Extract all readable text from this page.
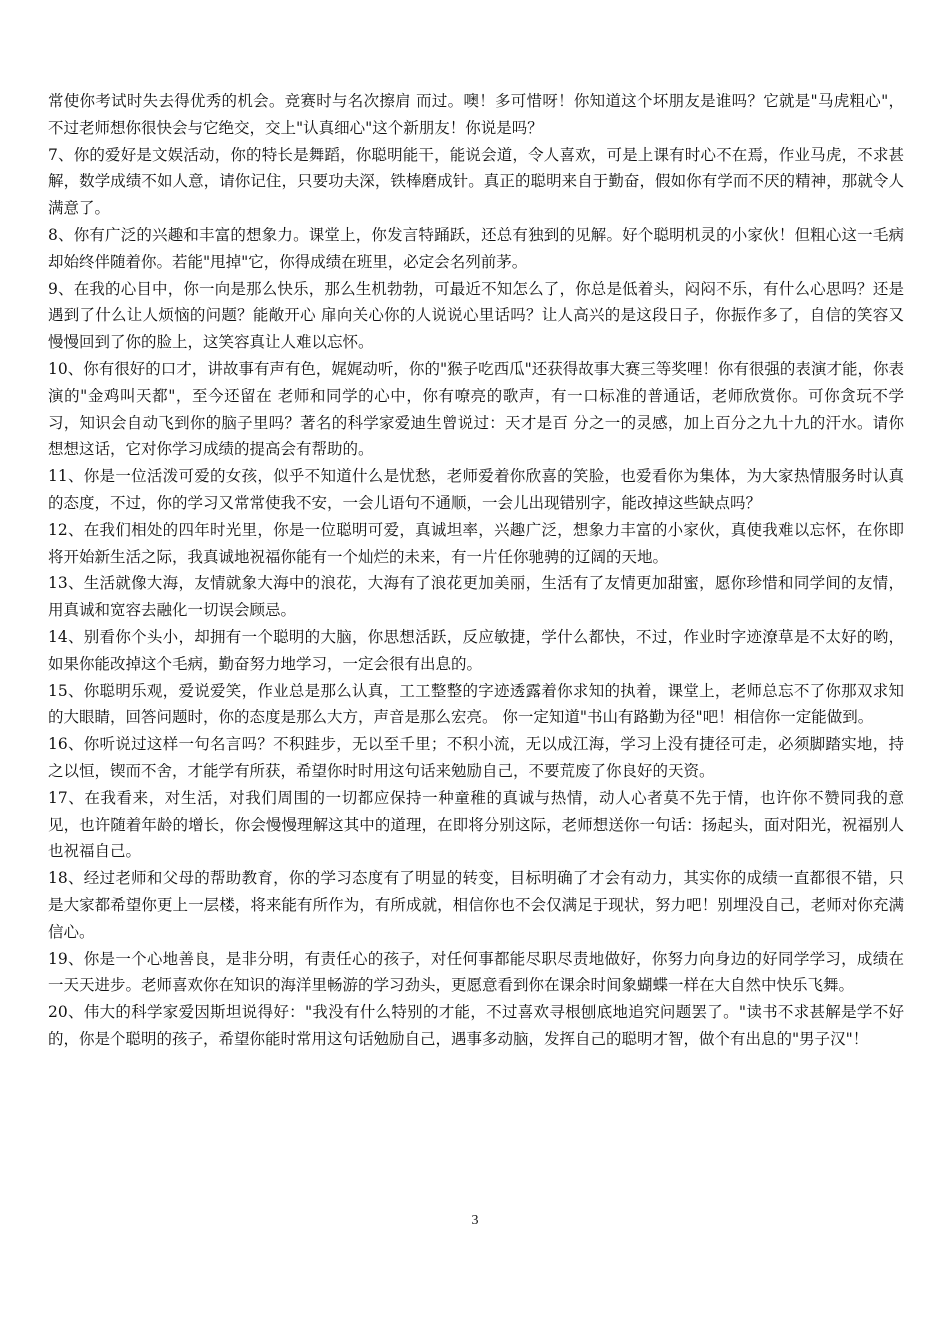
常使你考试时失去得优秀的机会。竞赛时与名次擦肩 而过。噢！多可惜呀！你知道这个坏朋友是谁吗？它就是"马虎粗心"，不过老师想你很快会与它绝交，交上"认真细心"这个新朋友！你说是吗？

7、你的爱好是文娱活动，你的特长是舞蹈，你聪明能干，能说会道，令人喜欢，可是上课有时心不在焉，作业马虎，不求甚解，数学成绩不如人意，请你记住，只要功夫深，铁棒磨成针。真正的聪明来自于勤奋，假如你有学而不厌的精神，那就令人满意了。

8、你有广泛的兴趣和丰富的想象力。课堂上，你发言特踊跃，还总有独到的见解。好个聪明机灵的小家伙！但粗心这一毛病却始终伴随着你。若能"甩掉"它，你得成绩在班里，必定会名列前茅。

9、在我的心目中，你一向是那么快乐，那么生机勃勃，可最近不知怎么了，你总是低着头，闷闷不乐，有什么心思吗？还是遇到了什么让人烦恼的问题？能敞开心 扉向关心你的人说说心里话吗？让人高兴的是这段日子，你振作多了，自信的笑容又慢慢回到了你的脸上，这笑容真让人难以忘怀。

10、你有很好的口才，讲故事有声有色，娓娓动听，你的"猴子吃西瓜"还获得故事大赛三等奖哩！你有很强的表演才能，你表演的"金鸡叫天都"，至今还留在 老师和同学的心中，你有嘹亮的歌声，有一口标准的普通话，老师欣赏你。可你贪玩不学习，知识会自动飞到你的脑子里吗？著名的科学家爱迪生曾说过：天才是百 分之一的灵感，加上百分之九十九的汗水。请你想想这话，它对你学习成绩的提高会有帮助的。

11、你是一位活泼可爱的女孩，似乎不知道什么是忧愁，老师爱着你欣喜的笑脸，也爱看你为集体，为大家热情服务时认真的态度，不过，你的学习又常常使我不安，一会儿语句不通顺，一会儿出现错别字，能改掉这些缺点吗？

12、在我们相处的四年时光里，你是一位聪明可爱，真诚坦率，兴趣广泛，想象力丰富的小家伙，真使我难以忘怀，在你即将开始新生活之际，我真诚地祝福你能有一个灿烂的未来，有一片任你驰骋的辽阔的天地。

13、生活就像大海，友情就象大海中的浪花，大海有了浪花更加美丽，生活有了友情更加甜蜜，愿你珍惜和同学间的友情，用真诚和宽容去融化一切误会顾忌。

14、别看你个头小，却拥有一个聪明的大脑，你思想活跃，反应敏捷，学什么都快，不过，作业时字迹潦草是不太好的哟，如果你能改掉这个毛病，勤奋努力地学习，一定会很有出息的。

15、你聪明乐观，爱说爱笑，作业总是那么认真，工工整整的字迹透露着你求知的执着，课堂上，老师总忘不了你那双求知的大眼睛，回答问题时，你的态度是那么大方，声音是那么宏亮。 你一定知道"书山有路勤为径"吧！相信你一定能做到。

16、你听说过这样一句名言吗？不积跬步，无以至千里；不积小流，无以成江海，学习上没有捷径可走，必须脚踏实地，持之以恒，锲而不舍，才能学有所获，希望你时时用这句话来勉励自己，不要荒废了你良好的天资。

17、在我看来，对生活，对我们周围的一切都应保持一种童稚的真诚与热情，动人心者莫不先于情，也许你不赞同我的意见，也许随着年龄的增长，你会慢慢理解这其中的道理，在即将分别这际，老师想送你一句话：扬起头，面对阳光，祝福别人也祝福自己。

18、经过老师和父母的帮助教育，你的学习态度有了明显的转变，目标明确了才会有动力，其实你的成绩一直都很不错，只是大家都希望你更上一层楼，将来能有所作为，有所成就，相信你也不会仅满足于现状，努力吧！别埋没自己，老师对你充满信心。

19、你是一个心地善良，是非分明，有责任心的孩子，对任何事都能尽职尽责地做好，你努力向身边的好同学学习，成绩在一天天进步。老师喜欢你在知识的海洋里畅游的学习劲头，更愿意看到你在课余时间象蝴蝶一样在大自然中快乐飞舞。

20、伟大的科学家爱因斯坦说得好："我没有什么特别的才能，不过喜欢寻根刨底地追究问题罢了。"读书不求甚解是学不好的，你是个聪明的孩子，希望你能时常用这句话勉励自己，遇事多动脑，发挥自己的聪明才智，做个有出息的"男子汉"！

3
